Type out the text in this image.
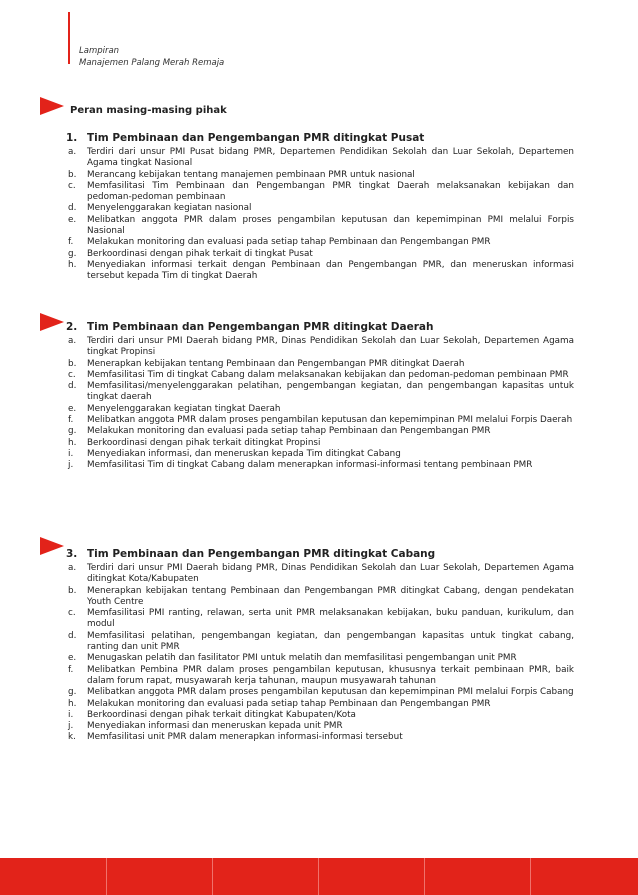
Lampiran
Manajemen Palang Merah Remaja
Peran masing-masing pihak
1. Tim Pembinaan dan Pengembangan PMR ditingkat Pusat
a.	Terdiri dari unsur PMI Pusat bidang PMR, Departemen Pendidikan Sekolah dan Luar Sekolah, Departemen Agama tingkat Nasional
b.	Merancang kebijakan tentang manajemen pembinaan PMR untuk nasional
c.	Memfasilitasi Tim Pembinaan dan Pengembangan PMR tingkat Daerah melaksanakan kebijakan dan pedoman-pedoman pembinaan
d.	Menyelenggarakan kegiatan nasional
e.	Melibatkan anggota PMR dalam proses pengambilan keputusan dan kepemimpinan PMI melalui Forpis Nasional
f.	Melakukan monitoring dan evaluasi pada setiap tahap Pembinaan dan Pengembangan PMR
g.	Berkoordinasi dengan pihak terkait di tingkat Pusat
h.	Menyediakan informasi terkait dengan Pembinaan dan Pengembangan PMR, dan meneruskan informasi tersebut kepada Tim di tingkat Daerah
2. Tim Pembinaan dan Pengembangan PMR ditingkat Daerah
a.	Terdiri dari unsur PMI Daerah bidang PMR, Dinas Pendidikan Sekolah dan Luar Sekolah, Departemen Agama tingkat Propinsi
b.	Menerapkan kebijakan tentang Pembinaan dan Pengembangan PMR ditingkat Daerah
c.	Memfasilitasi Tim di tingkat Cabang dalam melaksanakan kebijakan dan pedoman-pedoman pembinaan PMR
d.	Memfasilitasi/menyelenggarakan pelatihan, pengembangan kegiatan, dan pengembangan kapasitas untuk tingkat daerah
e.	Menyelenggarakan kegiatan tingkat Daerah
f.	Melibatkan anggota PMR dalam proses pengambilan keputusan dan kepemimpinan PMI melalui Forpis Daerah
g.	Melakukan monitoring dan evaluasi pada setiap tahap Pembinaan dan Pengembangan PMR
h.	Berkoordinasi dengan pihak terkait ditingkat Propinsi
i.	Menyediakan informasi, dan meneruskan kepada Tim ditingkat Cabang
j.	Memfasilitasi Tim di tingkat Cabang dalam menerapkan informasi-informasi tentang pembinaan PMR
3. Tim Pembinaan dan Pengembangan PMR ditingkat Cabang
a.	Terdiri dari unsur PMI Daerah bidang PMR, Dinas Pendidikan Sekolah dan Luar Sekolah, Departemen Agama ditingkat Kota/Kabupaten
b.	Menerapkan kebijakan tentang Pembinaan dan Pengembangan PMR ditingkat Cabang, dengan pendekatan Youth Centre
c.	Memfasilitasi PMI ranting, relawan, serta unit PMR melaksanakan kebijakan, buku panduan, kurikulum, dan modul
d.	Memfasilitasi pelatihan, pengembangan kegiatan, dan pengembangan kapasitas untuk tingkat cabang, ranting dan unit PMR
e.	Menugaskan pelatih dan fasilitator PMI untuk melatih dan memfasilitasi pengembangan unit PMR
f.	Melibatkan Pembina PMR dalam proses pengambilan keputusan, khususnya terkait pembinaan PMR, baik dalam forum rapat, musyawarah kerja tahunan, maupun musyawarah tahunan
g.	Melibatkan anggota PMR dalam proses pengambilan keputusan dan kepemimpinan PMI melalui Forpis Cabang
h.	Melakukan monitoring dan evaluasi pada setiap tahap Pembinaan dan Pengembangan PMR
i.	Berkoordinasi dengan pihak terkait ditingkat Kabupaten/Kota
j.	Menyediakan informasi dan meneruskan kepada unit PMR
k.	Memfasilitasi unit PMR dalam menerapkan informasi-informasi tersebut
